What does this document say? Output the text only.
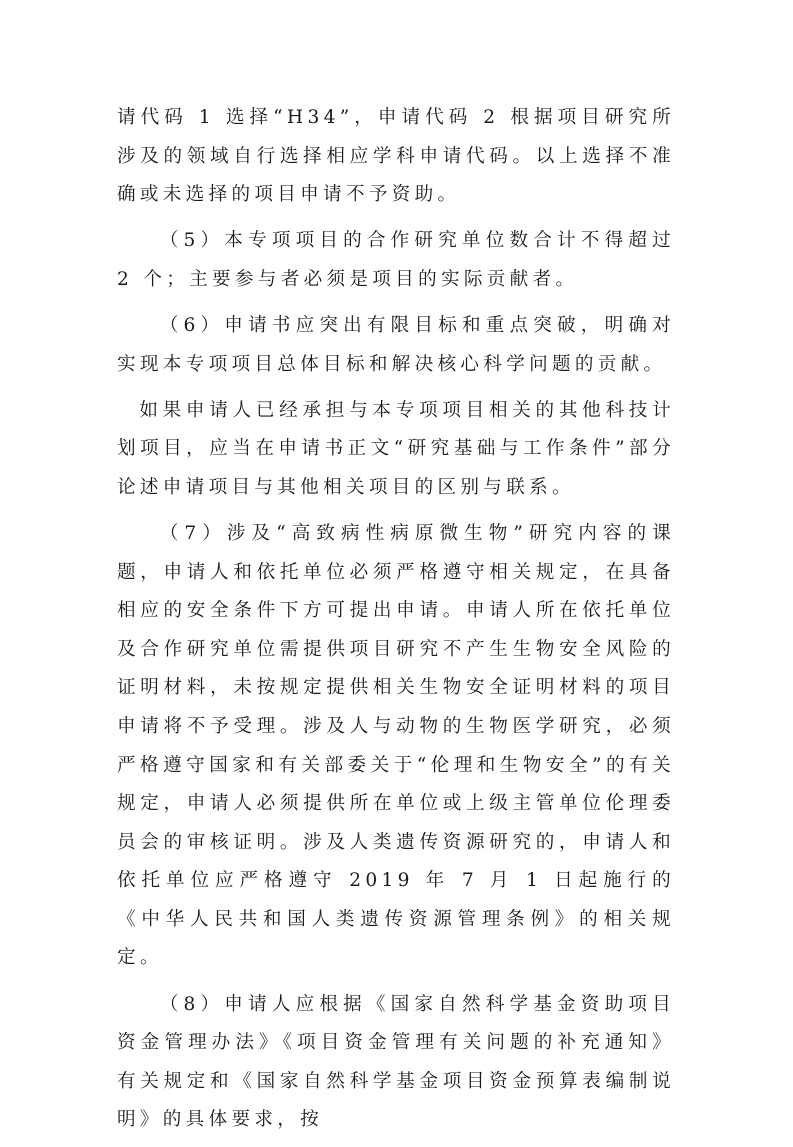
请代码 1 选择“H34”，申请代码 2 根据项目研究所涉及的领域自行选择相应学科申请代码。以上选择不准确或未选择的项目申请不予资助。

（5）本专项项目的合作研究单位数合计不得超过 2 个；主要参与者必须是项目的实际贡献者。

（6）申请书应突出有限目标和重点突破，明确对实现本专项项目总体目标和解决核心科学问题的贡献。

如果申请人已经承担与本专项项目相关的其他科技计划项目，应当在申请书正文“研究基础与工作条件”部分论述申请项目与其他相关项目的区别与联系。

（7）涉及“高致病性病原微生物”研究内容的课题，申请人和依托单位必须严格遵守相关规定，在具备相应的安全条件下方可提出申请。申请人所在依托单位及合作研究单位需提供项目研究不产生生物安全风险的证明材料，未按规定提供相关生物安全证明材料的项目申请将不予受理。涉及人与动物的生物医学研究，必须严格遵守国家和有关部委关于“伦理和生物安全”的有关规定，申请人必须提供所在单位或上级主管单位伦理委员会的审核证明。涉及人类遗传资源研究的，申请人和依托单位应严格遵守 2019 年 7 月 1 日起施行的《中华人民共和国人类遗传资源管理条例》的相关规定。

（8）申请人应根据《国家自然科学基金资助项目资金管理办法》《项目资金管理有关问题的补充通知》有关规定和《国家自然科学基金项目资金预算表编制说明》的具体要求，按
